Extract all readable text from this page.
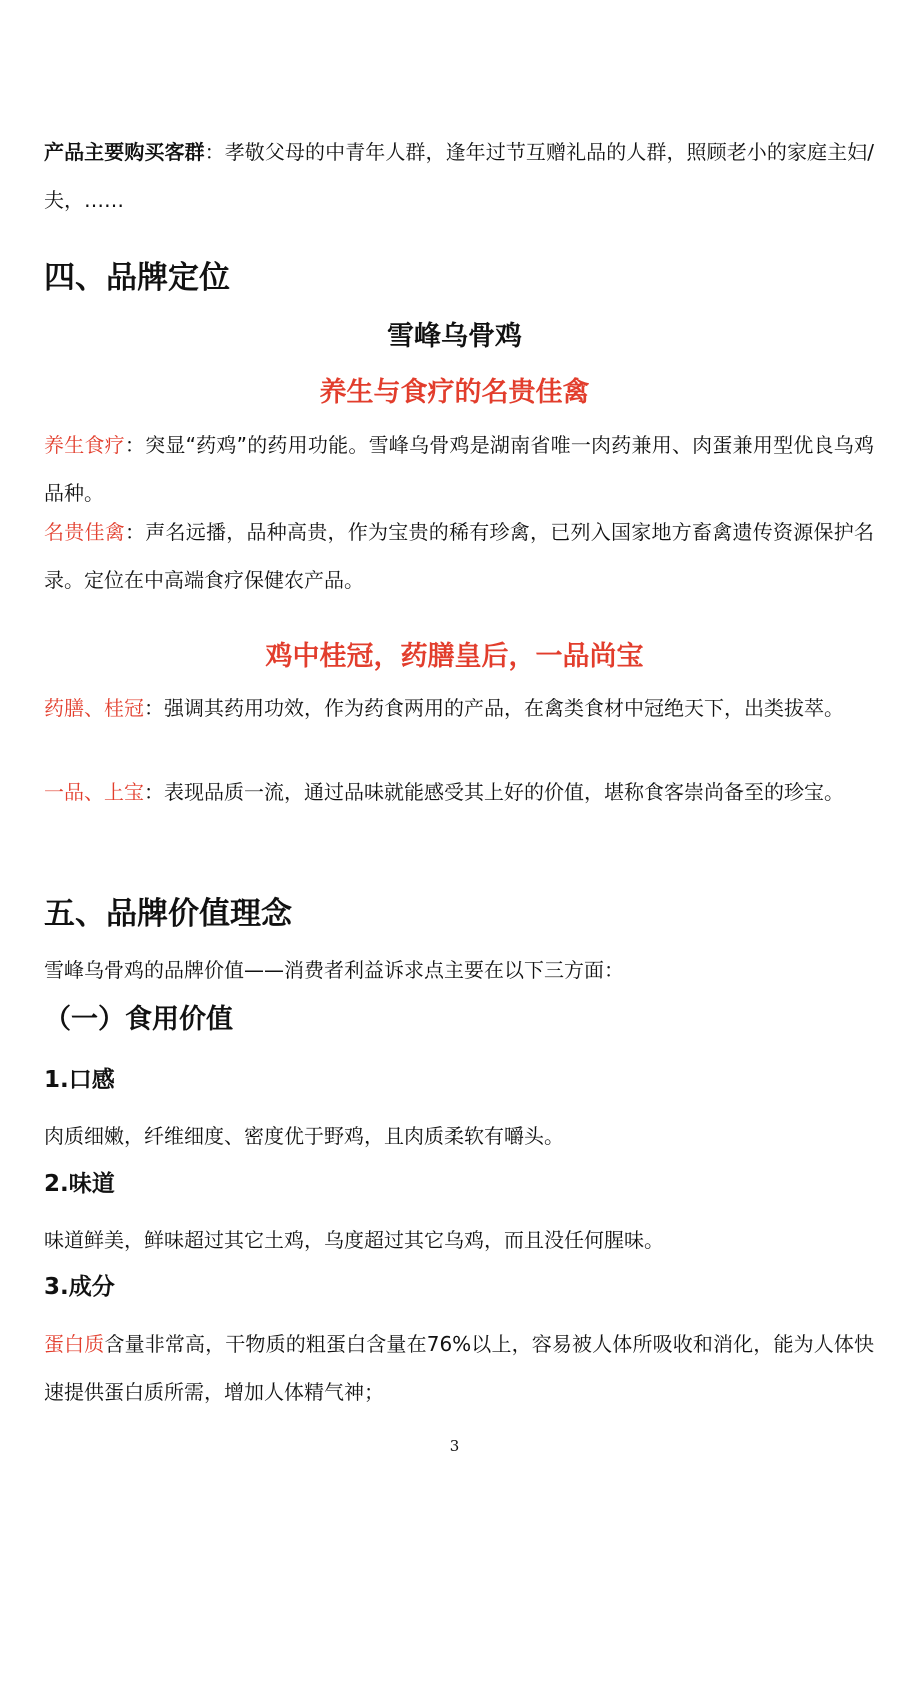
产品主要购买客群：孝敬父母的中青年人群，逢年过节互赠礼品的人群，照顾老小的家庭主妇/夫，……

四、品牌定位
雪峰乌骨鸡
养生与食疗的名贵佳禽

养生食疗：突显“药鸡”的药用功能。雪峰乌骨鸡是湖南省唯一肉药兼用、肉蛋兼用型优良乌鸡品种。

名贵佳禽：声名远播，品种高贵，作为宝贵的稀有珍禽，已列入国家地方畜禽遗传资源保护名录。定位在中高端食疗保健农产品。

鸡中桂冠，药膳皇后，一品尚宝

药膳、桂冠：强调其药用功效，作为药食两用的产品，在禽类食材中冠绝天下，出类拔萃。

一品、上宝：表现品质一流，通过品味就能感受其上好的价值，堪称食客崇尚备至的珍宝。

五、品牌价值理念

雪峰乌骨鸡的品牌价值——消费者利益诉求点主要在以下三方面：

（一）食用价值
1.口感

肉质细嫩，纤维细度、密度优于野鸡，且肉质柔软有嚼头。

2.味道

味道鲜美，鲜味超过其它土鸡，乌度超过其它乌鸡，而且没任何腥味。

3.成分

蛋白质含量非常高，干物质的粗蛋白含量在76%以上，容易被人体所吸收和消化，能为人体快速提供蛋白质所需，增加人体精气神；

3
